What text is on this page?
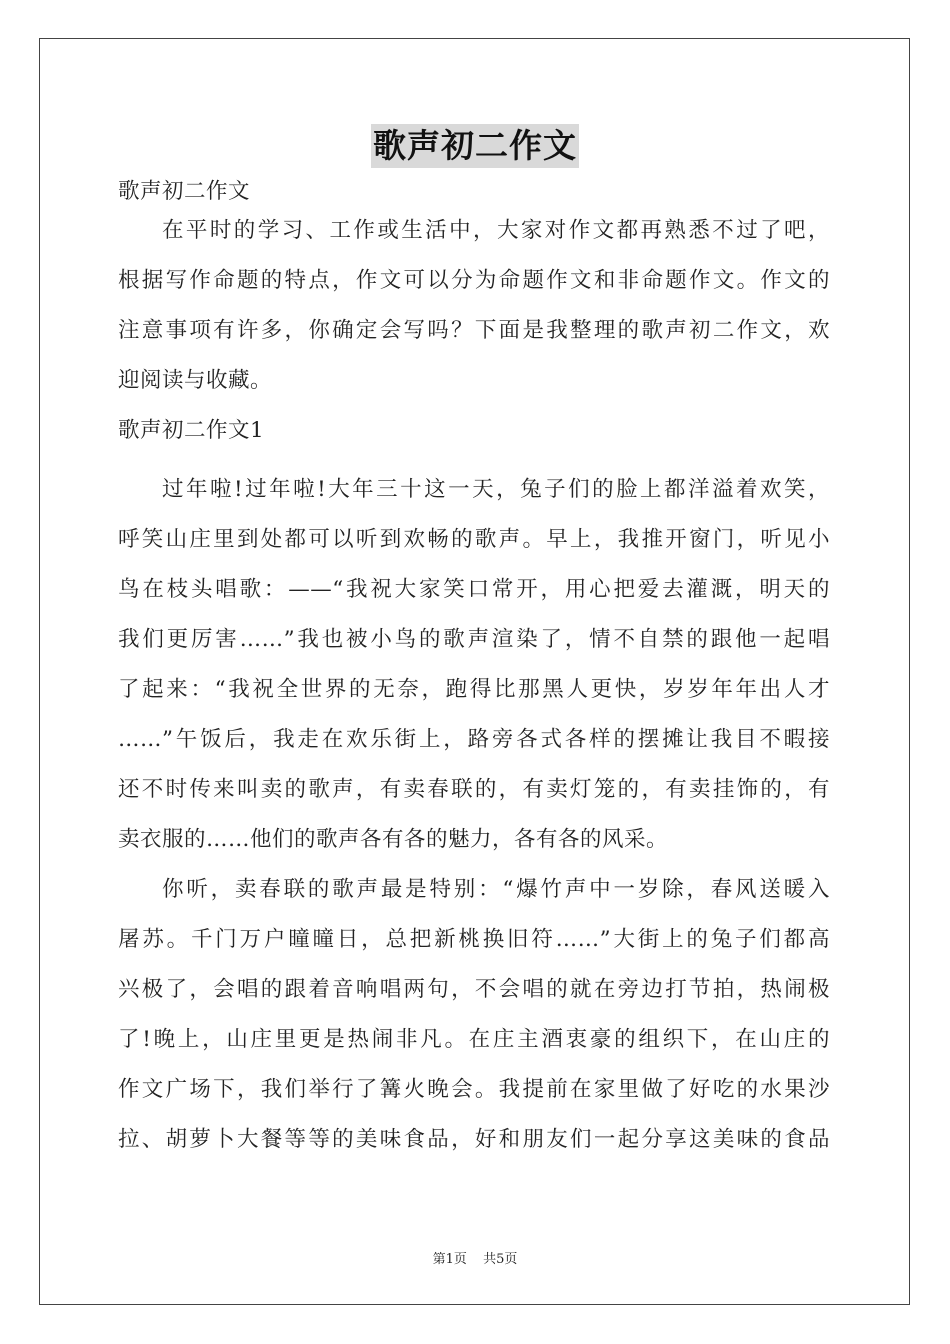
歌声初二作文
歌声初二作文
在平时的学习、工作或生活中，大家对作文都再熟悉不过了吧，
根据写作命题的特点，作文可以分为命题作文和非命题作文。作文的
注意事项有许多，你确定会写吗？下面是我整理的歌声初二作文，欢
迎阅读与收藏。
歌声初二作文1
过年啦!过年啦!大年三十这一天，兔子们的脸上都洋溢着欢笑，
呼笑山庄里到处都可以听到欢畅的歌声。早上，我推开窗门，听见小
鸟在枝头唱歌：——“我祝大家笑口常开，用心把爱去灌溉，明天的
我们更厉害……”我也被小鸟的歌声渲染了，情不自禁的跟他一起唱
了起来：“我祝全世界的无奈，跑得比那黑人更快，岁岁年年出人才
……”午饭后，我走在欢乐街上，路旁各式各样的摆摊让我目不暇接
还不时传来叫卖的歌声，有卖春联的，有卖灯笼的，有卖挂饰的，有
卖衣服的……他们的歌声各有各的魅力，各有各的风采。
你听，卖春联的歌声最是特别：“爆竹声中一岁除，春风送暖入
屠苏。千门万户曈曈日，总把新桃换旧符……”大街上的兔子们都高
兴极了，会唱的跟着音响唱两句，不会唱的就在旁边打节拍，热闹极
了!晚上，山庄里更是热闹非凡。在庄主酒衷豪的组织下，在山庄的
作文广场下，我们举行了篝火晚会。我提前在家里做了好吃的水果沙
拉、胡萝卜大餐等等的美味食品，好和朋友们一起分享这美味的食品
第1页 共5页
